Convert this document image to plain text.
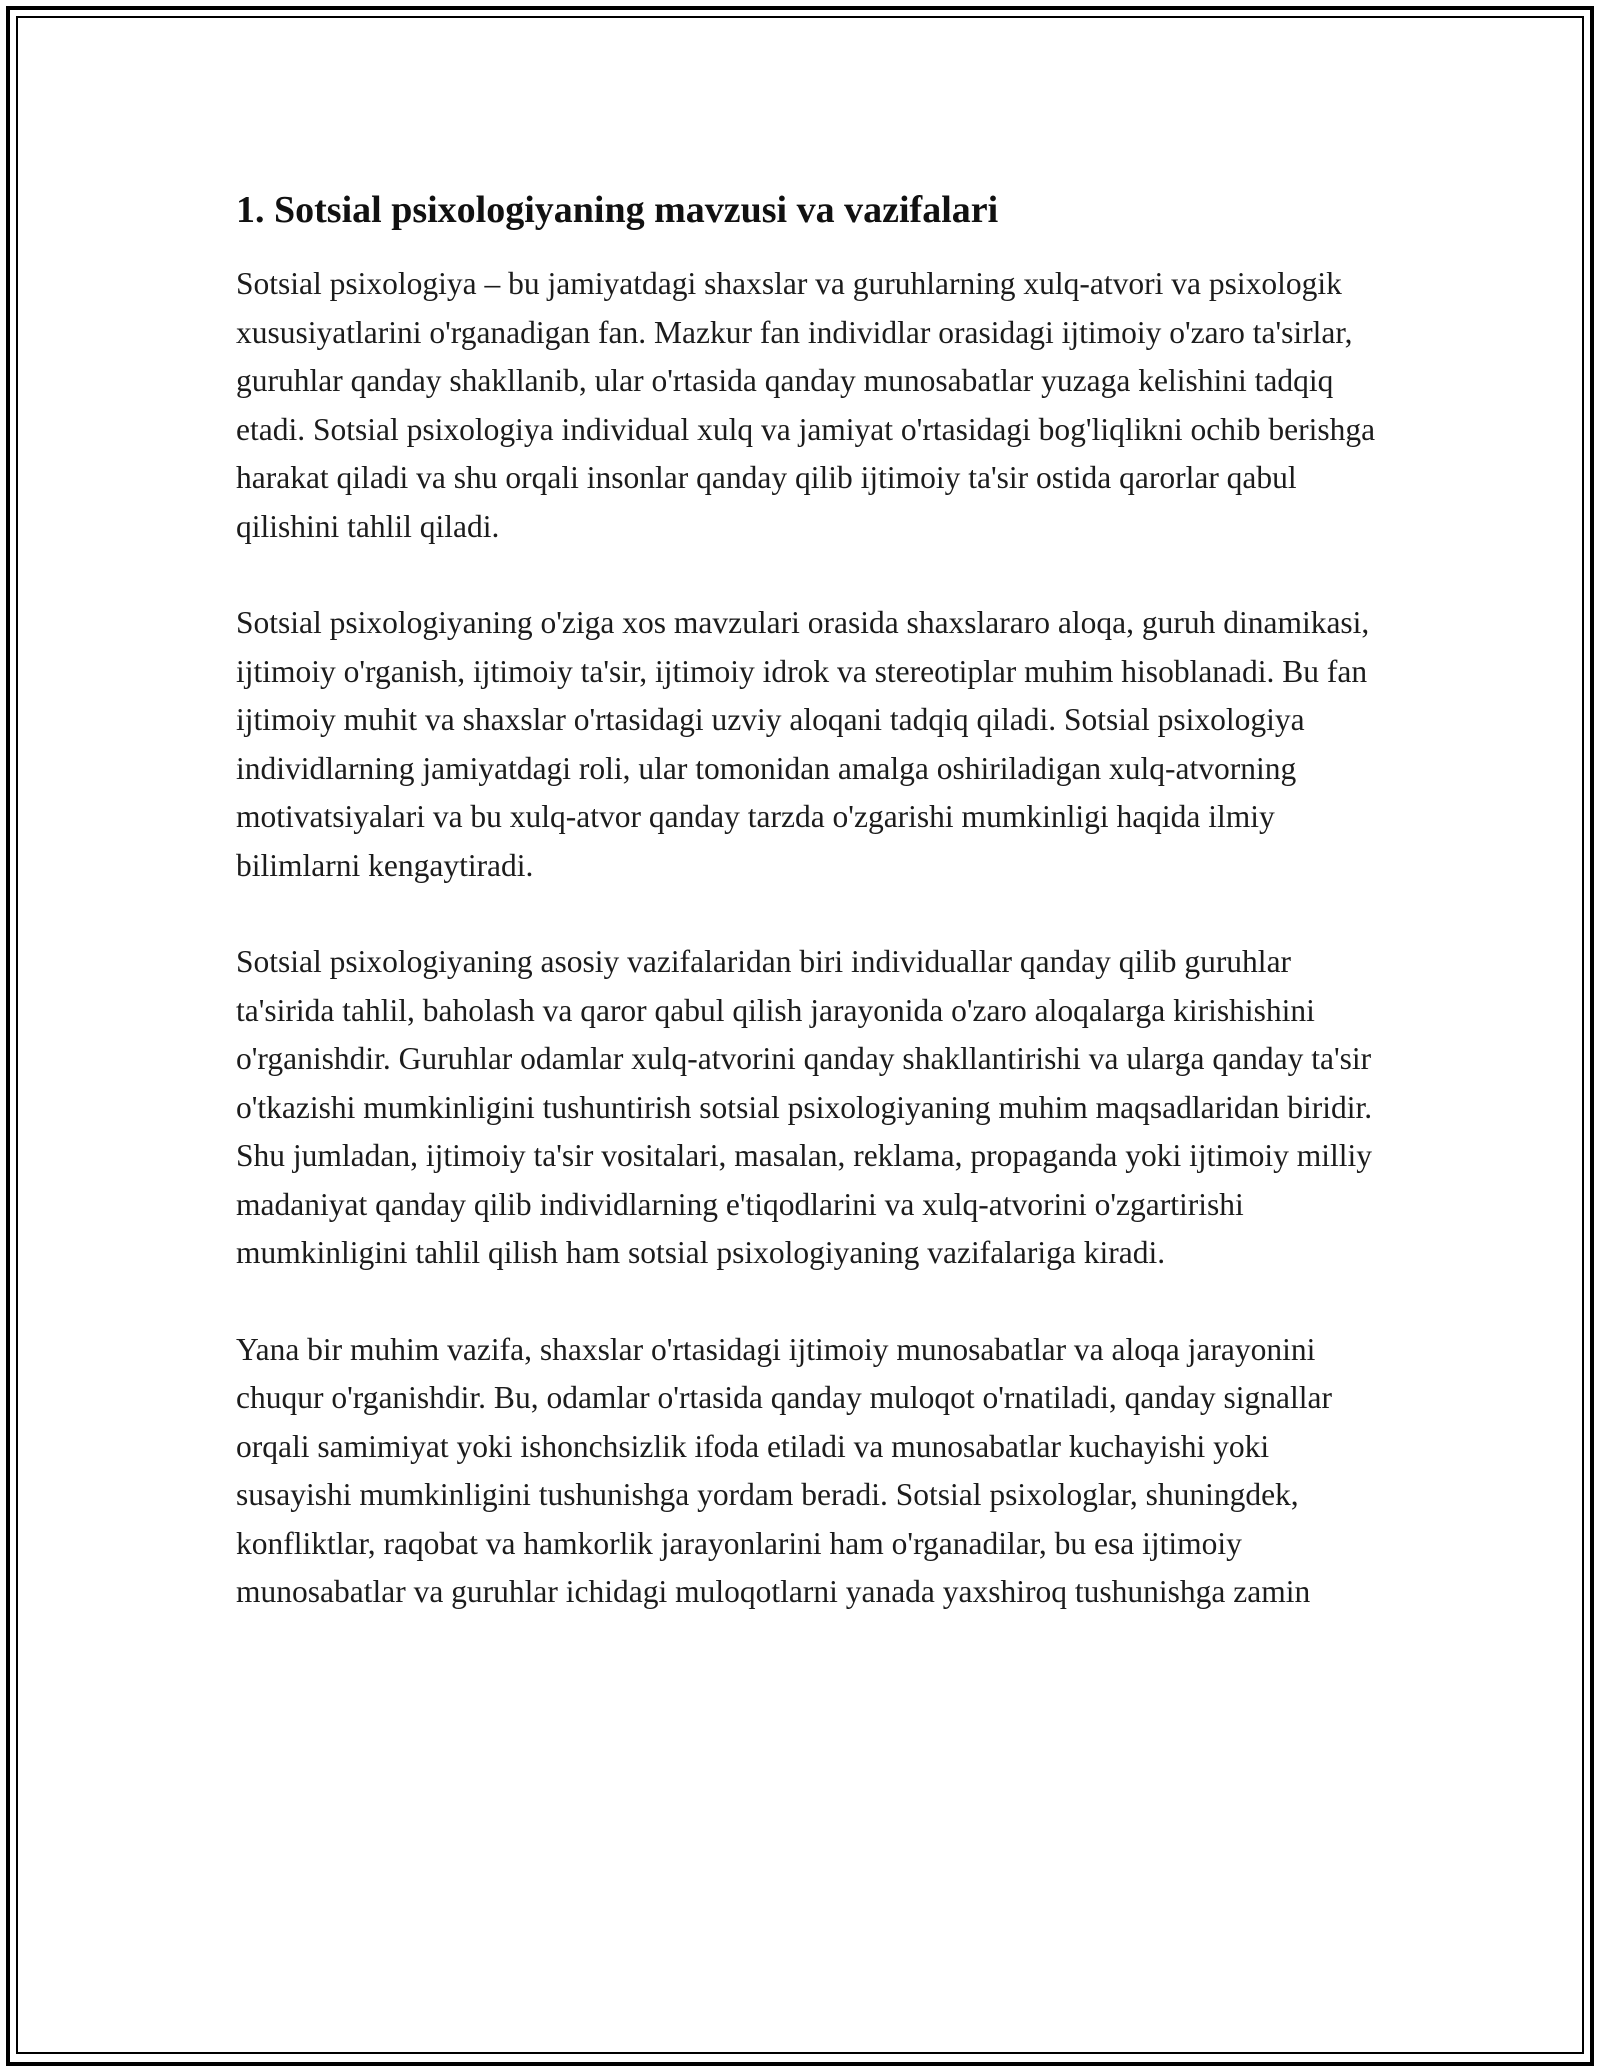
1. Sotsial psixologiyaning mavzusi va vazifalari

Sotsial psixologiya – bu jamiyatdagi shaxslar va guruhlarning xulq-atvori va psixologik xususiyatlarini o'rganadigan fan. Mazkur fan individlar orasidagi ijtimoiy o'zaro ta'sirlar, guruhlar qanday shakllanib, ular o'rtasida qanday munosabatlar yuzaga kelishini tadqiq etadi. Sotsial psixologiya individual xulq va jamiyat o'rtasidagi bog'liqlikni ochib berishga harakat qiladi va shu orqali insonlar qanday qilib ijtimoiy ta'sir ostida qarorlar qabul qilishini tahlil qiladi.

Sotsial psixologiyaning o'ziga xos mavzulari orasida shaxslararo aloqa, guruh dinamikasi, ijtimoiy o'rganish, ijtimoiy ta'sir, ijtimoiy idrok va stereotiplar muhim hisoblanadi. Bu fan ijtimoiy muhit va shaxslar o'rtasidagi uzviy aloqani tadqiq qiladi. Sotsial psixologiya individlarning jamiyatdagi roli, ular tomonidan amalga oshiriladigan xulq-atvorning motivatsiyalari va bu xulq-atvor qanday tarzda o'zgarishi mumkinligi haqida ilmiy bilimlarni kengaytiradi.

Sotsial psixologiyaning asosiy vazifalaridan biri individuallar qanday qilib guruhlar ta'sirida tahlil, baholash va qaror qabul qilish jarayonida o'zaro aloqalarga kirishishini o'rganishdir. Guruhlar odamlar xulq-atvorini qanday shakllantirishi va ularga qanday ta'sir o'tkazishi mumkinligini tushuntirish sotsial psixologiyaning muhim maqsadlaridan biridir. Shu jumladan, ijtimoiy ta'sir vositalari, masalan, reklama, propaganda yoki ijtimoiy milliy madaniyat qanday qilib individlarning e'tiqodlarini va xulq-atvorini o'zgartirishi mumkinligini tahlil qilish ham sotsial psixologiyaning vazifalariga kiradi.

Yana bir muhim vazifa, shaxslar o'rtasidagi ijtimoiy munosabatlar va aloqa jarayonini chuqur o'rganishdir. Bu, odamlar o'rtasida qanday muloqot o'rnatiladi, qanday signallar orqali samimiyat yoki ishonchsizlik ifoda etiladi va munosabatlar kuchayishi yoki susayishi mumkinligini tushunishga yordam beradi. Sotsial psixologlar, shuningdek, konfliktlar, raqobat va hamkorlik jarayonlarini ham o'rganadilar, bu esa ijtimoiy munosabatlar va guruhlar ichidagi muloqotlarni yanada yaxshiroq tushunishga zamin
